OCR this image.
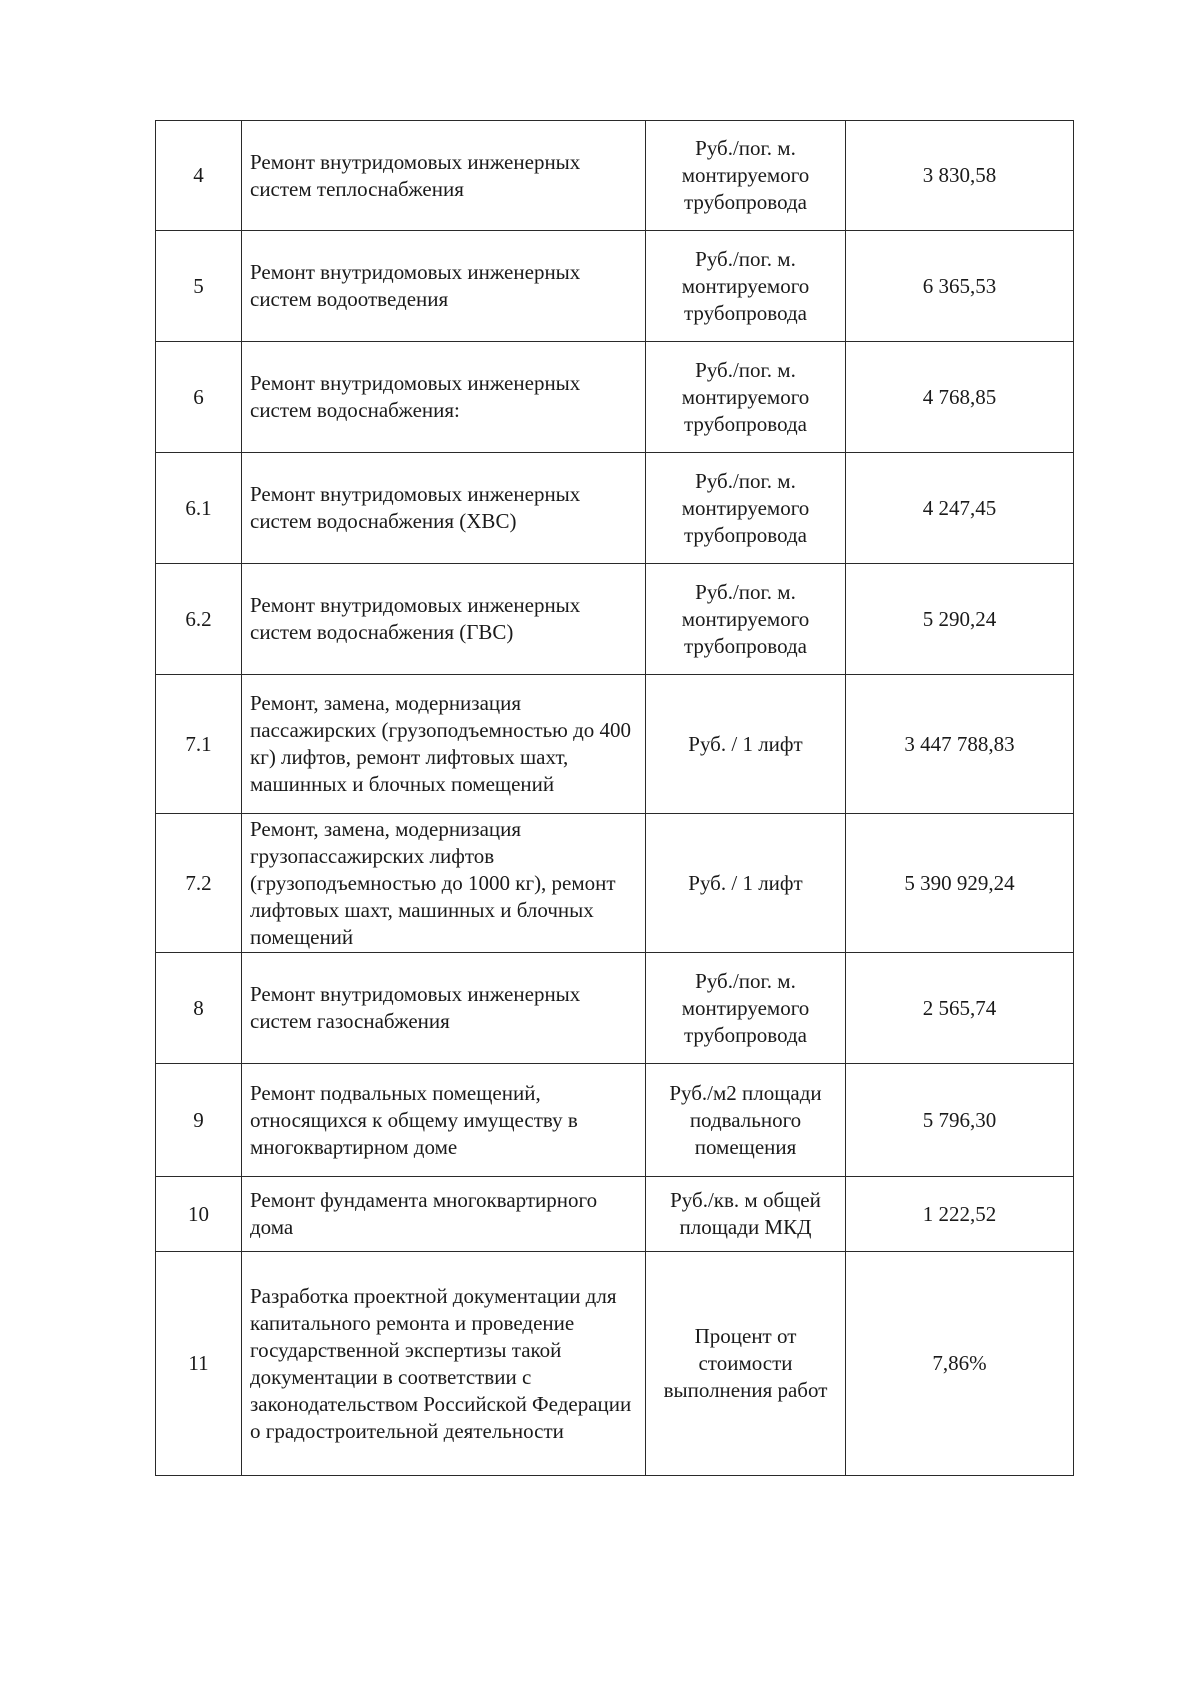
4	Ремонт внутридомовых инженерных систем теплоснабжения	Руб./пог. м. монтируемого трубопровода	3 830,58
5	Ремонт внутридомовых инженерных систем водоотведения	Руб./пог. м. монтируемого трубопровода	6 365,53
6	Ремонт внутридомовых инженерных систем водоснабжения:	Руб./пог. м. монтируемого трубопровода	4 768,85
6.1	Ремонт внутридомовых инженерных систем водоснабжения (ХВС)	Руб./пог. м. монтируемого трубопровода	4 247,45
6.2	Ремонт внутридомовых инженерных систем водоснабжения (ГВС)	Руб./пог. м. монтируемого трубопровода	5 290,24
7.1	Ремонт, замена, модернизация пассажирских (грузоподъемностью до 400 кг) лифтов, ремонт лифтовых шахт, машинных и блочных помещений	Руб. / 1 лифт	3 447 788,83
7.2	Ремонт, замена, модернизация грузопассажирских лифтов (грузоподъемностью до 1000 кг), ремонт лифтовых шахт, машинных и блочных помещений	Руб. / 1 лифт	5 390 929,24
8	Ремонт внутридомовых инженерных систем газоснабжения	Руб./пог. м. монтируемого трубопровода	2 565,74
9	Ремонт подвальных помещений, относящихся к общему имуществу в многоквартирном доме	Руб./м2 площади подвального помещения	5 796,30
10	Ремонт фундамента многоквартирного дома	Руб./кв. м общей площади МКД	1 222,52
11	Разработка проектной документации для капитального ремонта и проведение государственной экспертизы такой документации в соответствии с законодательством Российской Федерации о градостроительной деятельности	Процент от стоимости выполнения работ	7,86%
